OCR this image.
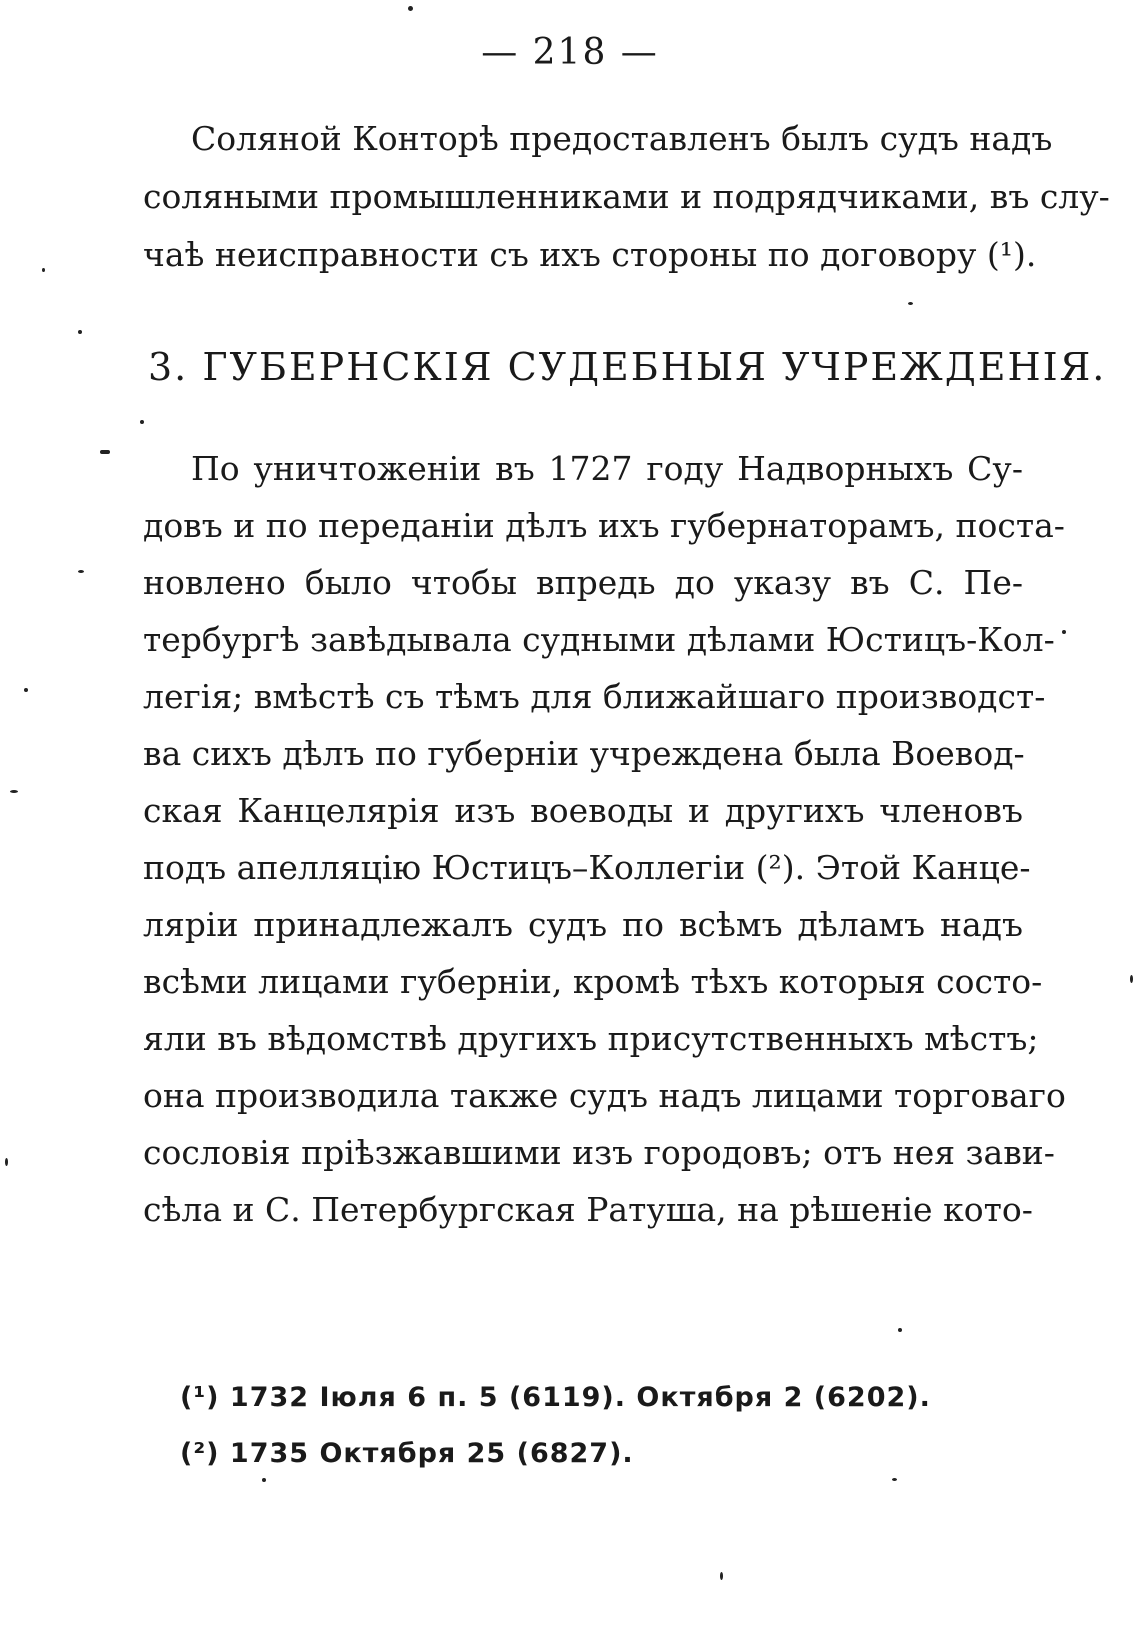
— 218 —
Соляной Конторѣ предоставленъ былъ судъ надъ
соляными промышленниками и подрядчиками, въ слу-
чаѣ неисправности съ ихъ стороны по договору (¹).
3. ГУБЕРНСКІЯ СУДЕБНЫЯ УЧРЕЖДЕНІЯ.
По уничтоженіи въ 1727 году Надворныхъ Су-
довъ и по переданіи дѣлъ ихъ губернаторамъ, поста-
новлено было чтобы впредь до указу въ С. Пе-
тербургѣ завѣдывала судными дѣлами Юстицъ-Кол-
легія; вмѣстѣ съ тѣмъ для ближайшаго производст-
ва сихъ дѣлъ по губерніи учреждена была Воевод-
ская Канцелярія изъ воеводы и другихъ членовъ
подъ апелляцію Юстицъ–Коллегіи (²). Этой Канце-
ляріи принадлежалъ судъ по всѣмъ дѣламъ надъ
всѣми лицами губерніи, кромѣ тѣхъ которыя состо-
яли въ вѣдомствѣ другихъ присутственныхъ мѣстъ;
она производила также судъ надъ лицами торговаго
сословія пріѣзжавшими изъ городовъ; отъ нея зави-
сѣла и С. Петербургская Ратуша, на рѣшеніе кото-
(¹) 1732 Іюля 6 п. 5 (6119). Октября 2 (6202).
(²) 1735 Октября 25 (6827).
